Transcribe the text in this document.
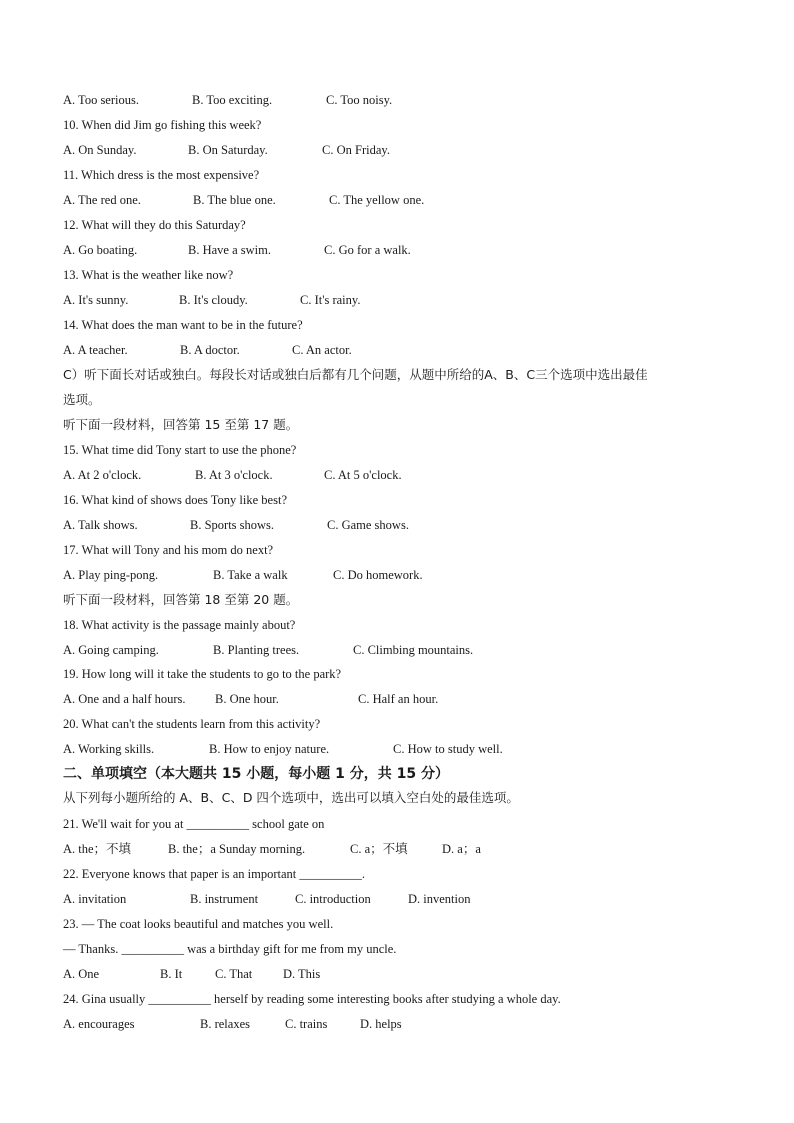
A. Too serious.	B. Too exciting.	C. Too noisy.
10. When did Jim go fishing this week?
A. On Sunday.	B. On Saturday.	C. On Friday.
11. Which dress is the most expensive?
A. The red one.	B. The blue one.	C. The yellow one.
12. What will they do this Saturday?
A. Go boating.	B. Have a swim.	C. Go for a walk.
13. What is the weather like now?
A. It's sunny.	B. It's cloudy.	C. It's rainy.
14. What does the man want to be in the future?
A. A teacher.	B. A doctor.	C. An actor.
C）听下面长对话或独白。每段长对话或独白后都有几个问题，从题中所给的A、B、C三个选项中选出最佳
选项。
听下面一段材料，回答第 15 至第 17 题。
15. What time did Tony start to use the phone?
A. At 2 o'clock.	B. At 3 o'clock.	C. At 5 o'clock.
16. What kind of shows does Tony like best?
A. Talk shows.	B. Sports shows.	C. Game shows.
17. What will Tony and his mom do next?
A. Play ping-pong.	B. Take a walk	C. Do homework.
听下面一段材料，回答第 18 至第 20 题。
18. What activity is the passage mainly about?
A. Going camping.	B. Planting trees.	C. Climbing mountains.
19. How long will it take the students to go to the park?
A. One and a half hours. B. One hour.	C. Half an hour.
20. What can't the students learn from this activity?
A. Working skills.	B. How to enjoy nature.	C. How to study well.
二、单项填空（本大题共 15 小题，每小题 1 分，共 15 分）
从下列每小题所给的 A、B、C、D 四个选项中，选出可以填入空白处的最佳选项。
21. We'll wait for you at __________ school gate on
A. the；不填	B. the；a Sunday morning.	C. a；不填	D. a；a
22. Everyone knows that paper is an important __________.
A. invitation	B. instrument	C. introduction	D. invention
23. — The coat looks beautiful and matches you well.
— Thanks. __________ was a birthday gift for me from my uncle.
A. One	B. It	C. That D. This
24. Gina usually __________ herself by reading some interesting books after studying a whole day.
A. encourages	B. relaxes	C. trains	D. helps
